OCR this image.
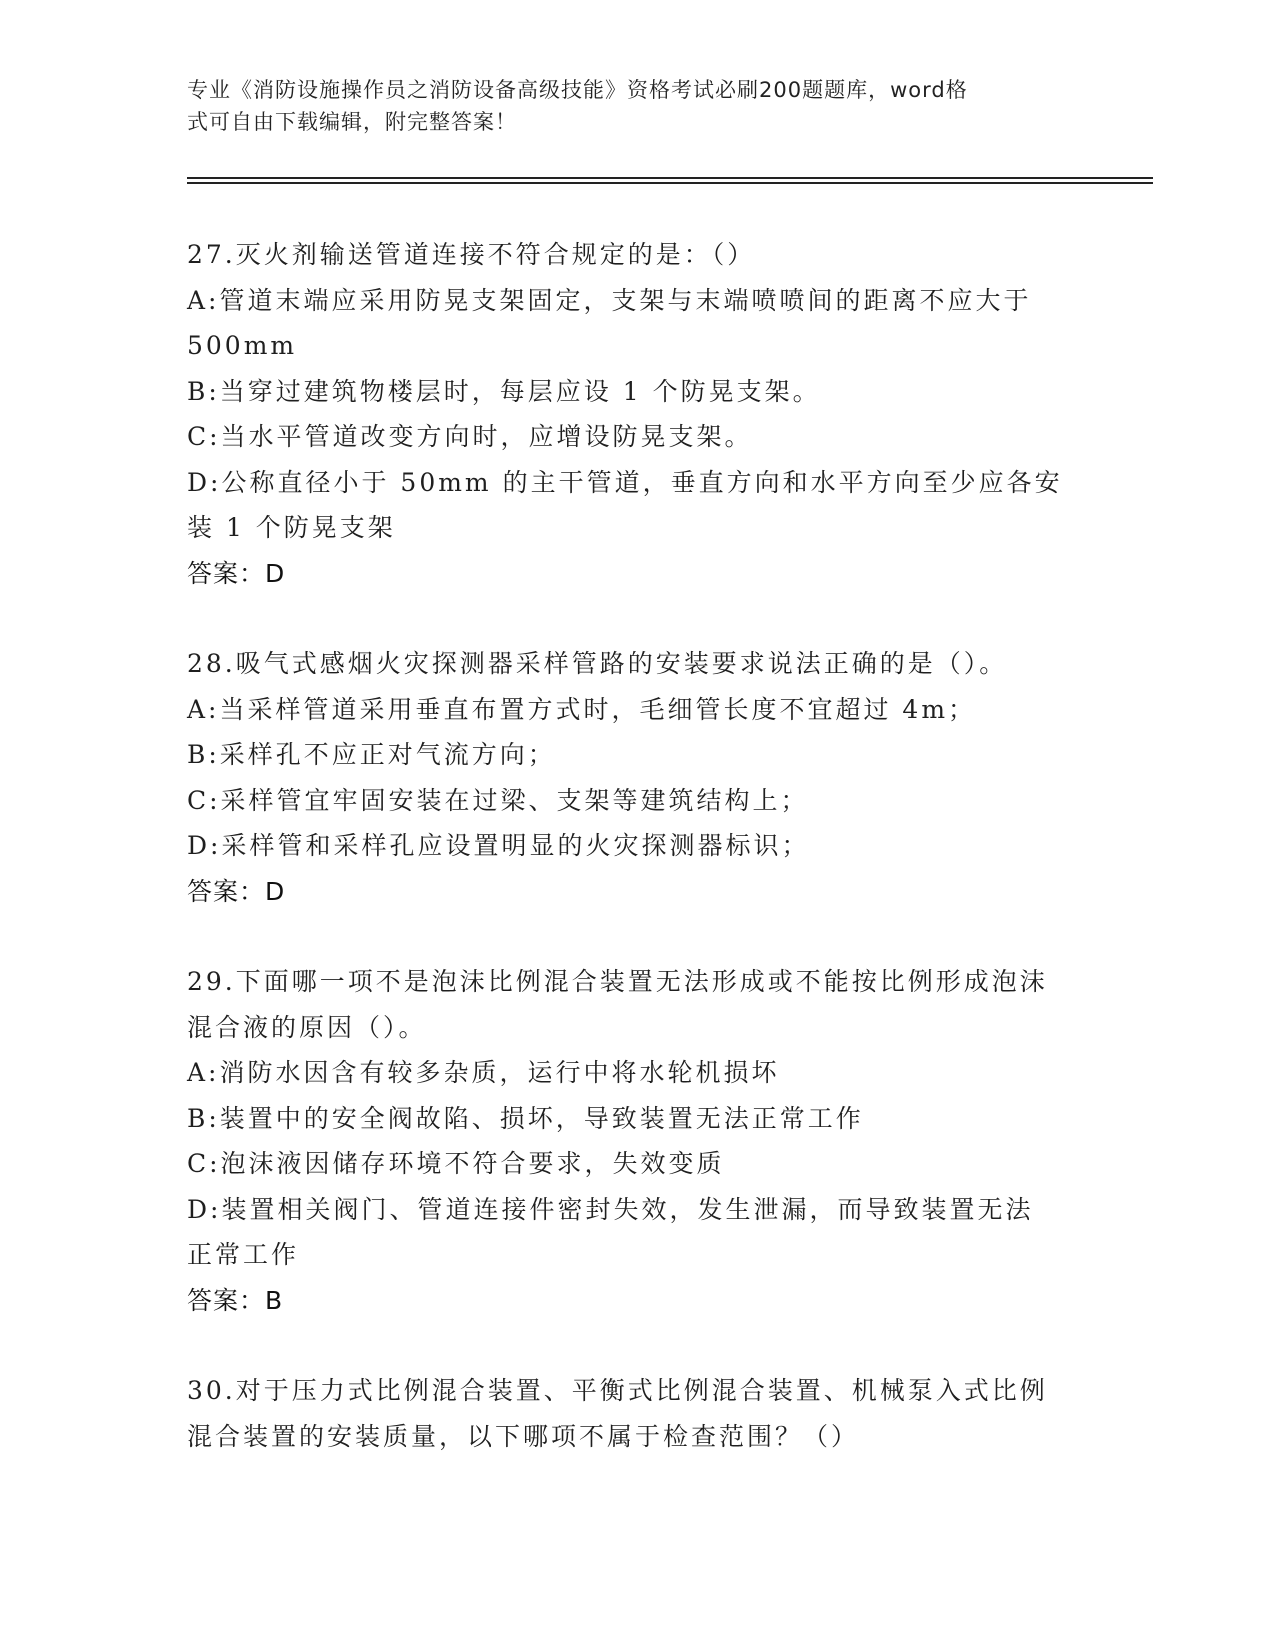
专业《消防设施操作员之消防设备高级技能》资格考试必刷200题题库，word格
式可自由下载编辑，附完整答案！
27.灭火剂输送管道连接不符合规定的是：（）
A:管道末端应采用防晃支架固定，支架与末端喷喷间的距离不应大于
500mm
B:当穿过建筑物楼层时，每层应设 1 个防晃支架。
C:当水平管道改变方向时，应增设防晃支架。
D:公称直径小于 50mm 的主干管道，垂直方向和水平方向至少应各安
装 1 个防晃支架
答案：D
28.吸气式感烟火灾探测器采样管路的安装要求说法正确的是（）。
A:当采样管道采用垂直布置方式时，毛细管长度不宜超过 4m；
B:采样孔不应正对气流方向；
C:采样管宜牢固安装在过梁、支架等建筑结构上；
D:采样管和采样孔应设置明显的火灾探测器标识；
答案：D
29.下面哪一项不是泡沫比例混合装置无法形成或不能按比例形成泡沫
混合液的原因（）。
A:消防水因含有较多杂质，运行中将水轮机损坏
B:装置中的安全阀故陷、损坏，导致装置无法正常工作
C:泡沫液因储存环境不符合要求，失效变质
D:装置相关阀门、管道连接件密封失效，发生泄漏，而导致装置无法
正常工作
答案：B
30.对于压力式比例混合装置、平衡式比例混合装置、机械泵入式比例
混合装置的安装质量，以下哪项不属于检查范围？（）
